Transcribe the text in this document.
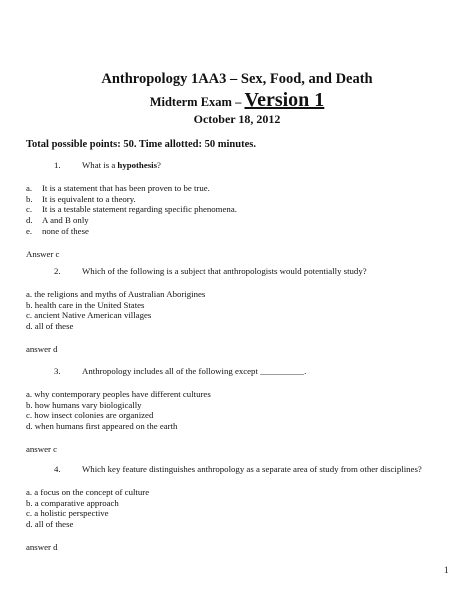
Anthropology 1AA3 – Sex, Food, and Death
Midterm Exam – Version 1
October 18, 2012
Total possible points: 50. Time allotted: 50 minutes.
1. What is a hypothesis?
a. It is a statement that has been proven to be true.
b. It is equivalent to a theory.
c. It is a testable statement regarding specific phenomena.
d. A and B only
e. none of these
Answer c
2. Which of the following is a subject that anthropologists would potentially study?
a. the religions and myths of Australian Aborigines
b. health care in the United States
c. ancient Native American villages
d. all of these
answer d
3. Anthropology includes all of the following except __________.
a. why contemporary peoples have different cultures
b. how humans vary biologically
c. how insect colonies are organized
d. when humans first appeared on the earth
answer c
4. Which key feature distinguishes anthropology as a separate area of study from other disciplines?
a. a focus on the concept of culture
b. a comparative approach
c. a holistic perspective
d. all of these
answer d
1
